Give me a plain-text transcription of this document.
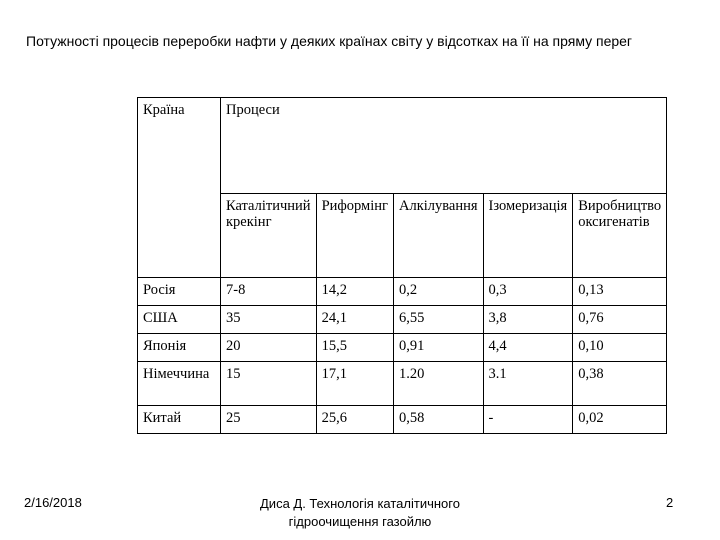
Потужності процесів переробки нафти у деяких країнах світу у відсотках на її на пряму перег
Країна	Процеси				
	Каталітичний крекінг	Риформінг	Алкілування	Ізомеризація	Виробництво оксигенатів
Росія	7-8	14,2	0,2	0,3	0,13
США	35	24,1	6,55	3,8	0,76
Японія	20	15,5	0,91	4,4	0,10
Німеччина	15	17,1	1.20	3.1	0,38
Китай	25	25,6	0,58	-	0,02
2/16/2018	Диса Д. Технологія каталітичного гідроочищення газойлю
2
